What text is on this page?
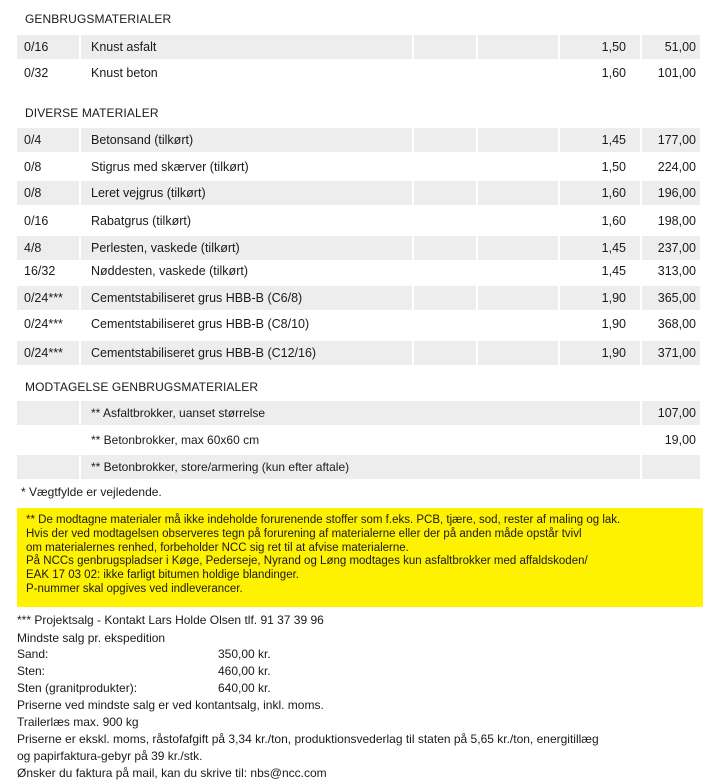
GENBRUGSMATERIALER
0/16	Knust asfalt	1,50	51,00
0/32	Knust beton	1,60	101,00
DIVERSE MATERIALER
0/4	Betonsand (tilkørt)	1,45	177,00
0/8	Stigrus med skærver (tilkørt)	1,50	224,00
0/8	Leret vejgrus (tilkørt)	1,60	196,00
0/16	Rabatgrus (tilkørt)	1,60	198,00
4/8	Perlesten, vaskede (tilkørt)	1,45	237,00
16/32	Nøddesten, vaskede (tilkørt)	1,45	313,00
0/24***	Cementstabiliseret grus HBB-B (C6/8)	1,90	365,00
0/24***	Cementstabiliseret grus HBB-B (C8/10)	1,90	368,00
0/24***	Cementstabiliseret grus HBB-B (C12/16)	1,90	371,00
MODTAGELSE GENBRUGSMATERIALER
** Asfaltbrokker, uanset størrelse	107,00
** Betonbrokker, max 60x60 cm	19,00
** Betonbrokker, store/armering (kun efter aftale)
* Vægtfylde er vejledende.
** De modtagne materialer må ikke indeholde forurenende stoffer som f.eks. PCB, tjære, sod, rester af maling og lak.
Hvis der ved modtagelsen observeres tegn på forurening af materialerne eller der på anden måde opstår tvivl
om materialernes renhed, forbeholder NCC sig ret til at afvise materialerne.
På NCCs genbrugspladser i Køge, Pederseje, Nyrand og Løng modtages kun asfaltbrokker med affaldskoden/
EAK 17 03 02: ikke farligt bitumen holdige blandinger.
P-nummer skal opgives ved indleverancer.
*** Projektsalg - Kontakt Lars Holde Olsen tlf. 91 37 39 96
Mindste salg pr. ekspedition
Sand:	350,00 kr.
Sten:	460,00 kr.
Sten (granitprodukter):	640,00 kr.
Priserne ved mindste salg er ved kontantsalg, inkl. moms.
Trailerlæs max. 900 kg
Priserne er ekskl. moms, råstofafgift på 3,34 kr./ton, produktionsvederlag til staten på 5,65 kr./ton, energitillæg
og papirfaktura-gebyr på 39 kr./stk.
Ønsker du faktura på mail, kan du skrive til: nbs@ncc.com
